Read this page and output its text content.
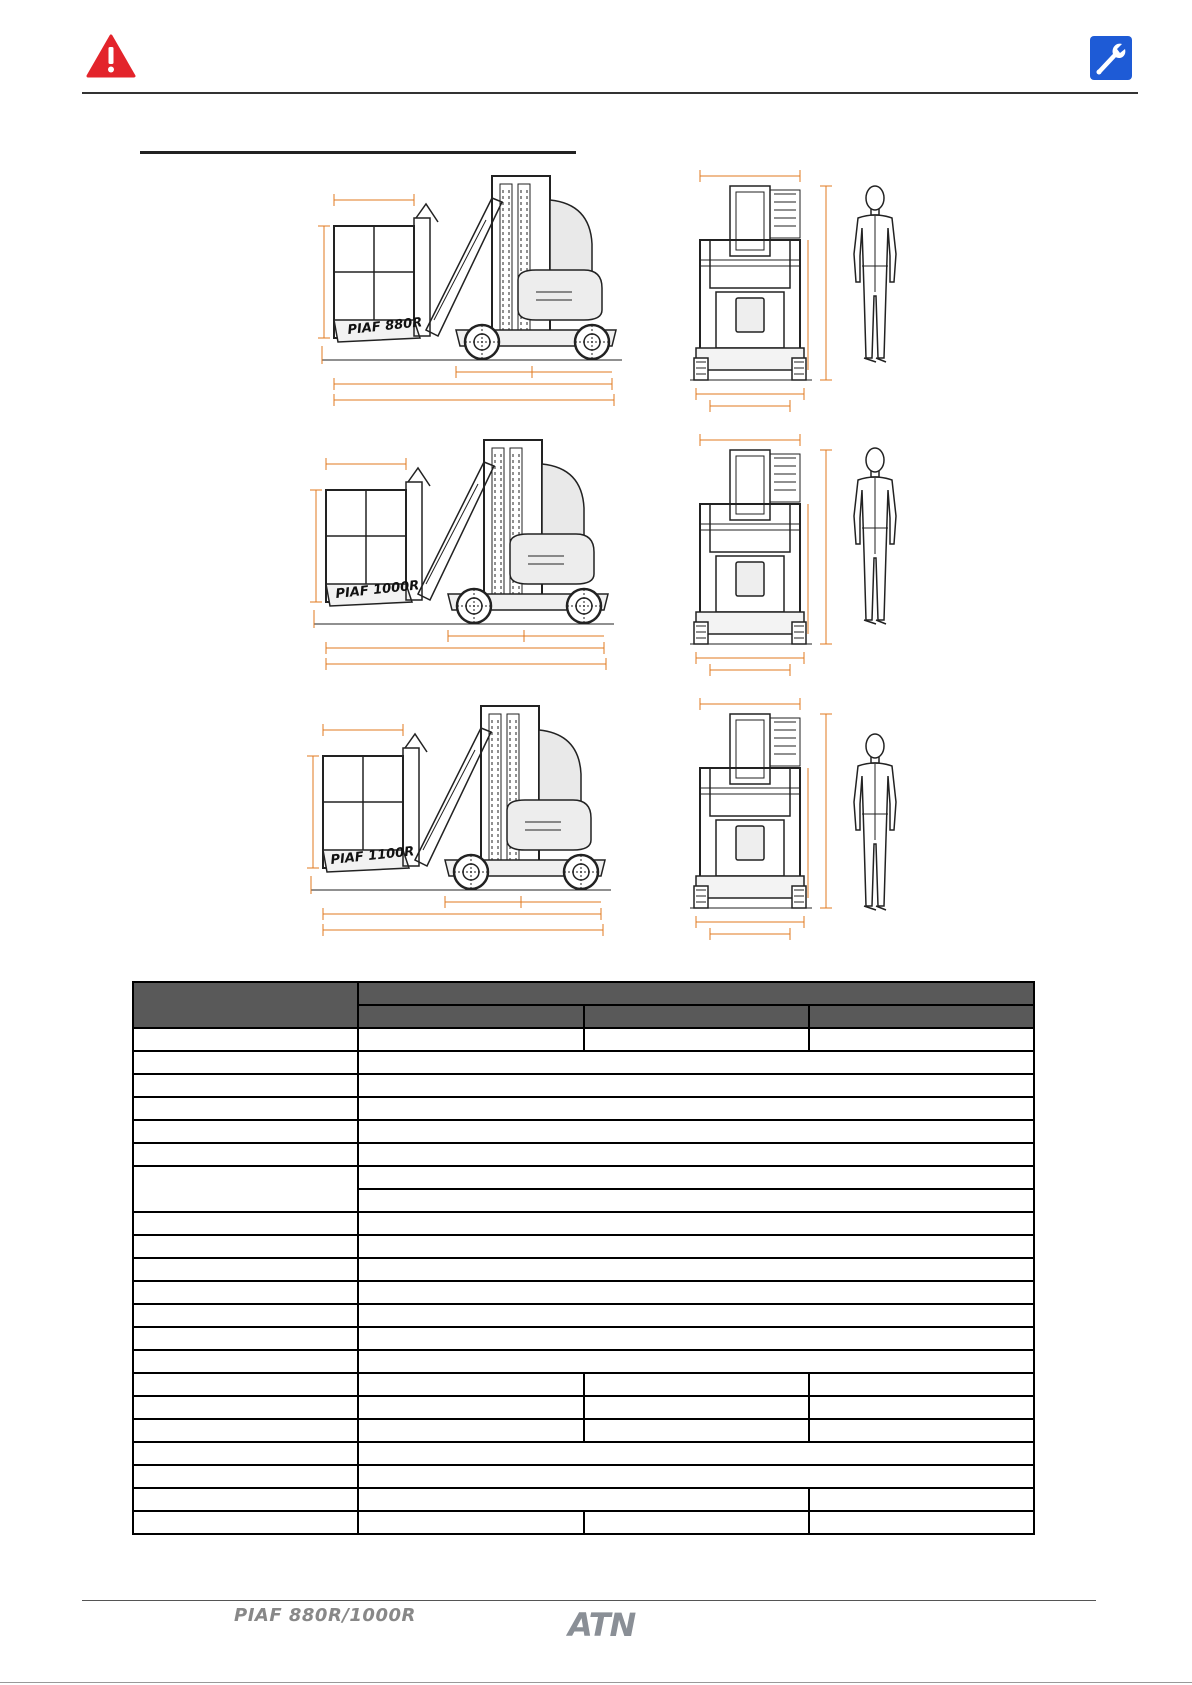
PIAF 880R
PIAF 1000R
PIAF 1100R

PIAF 880R/1000R	ATN
